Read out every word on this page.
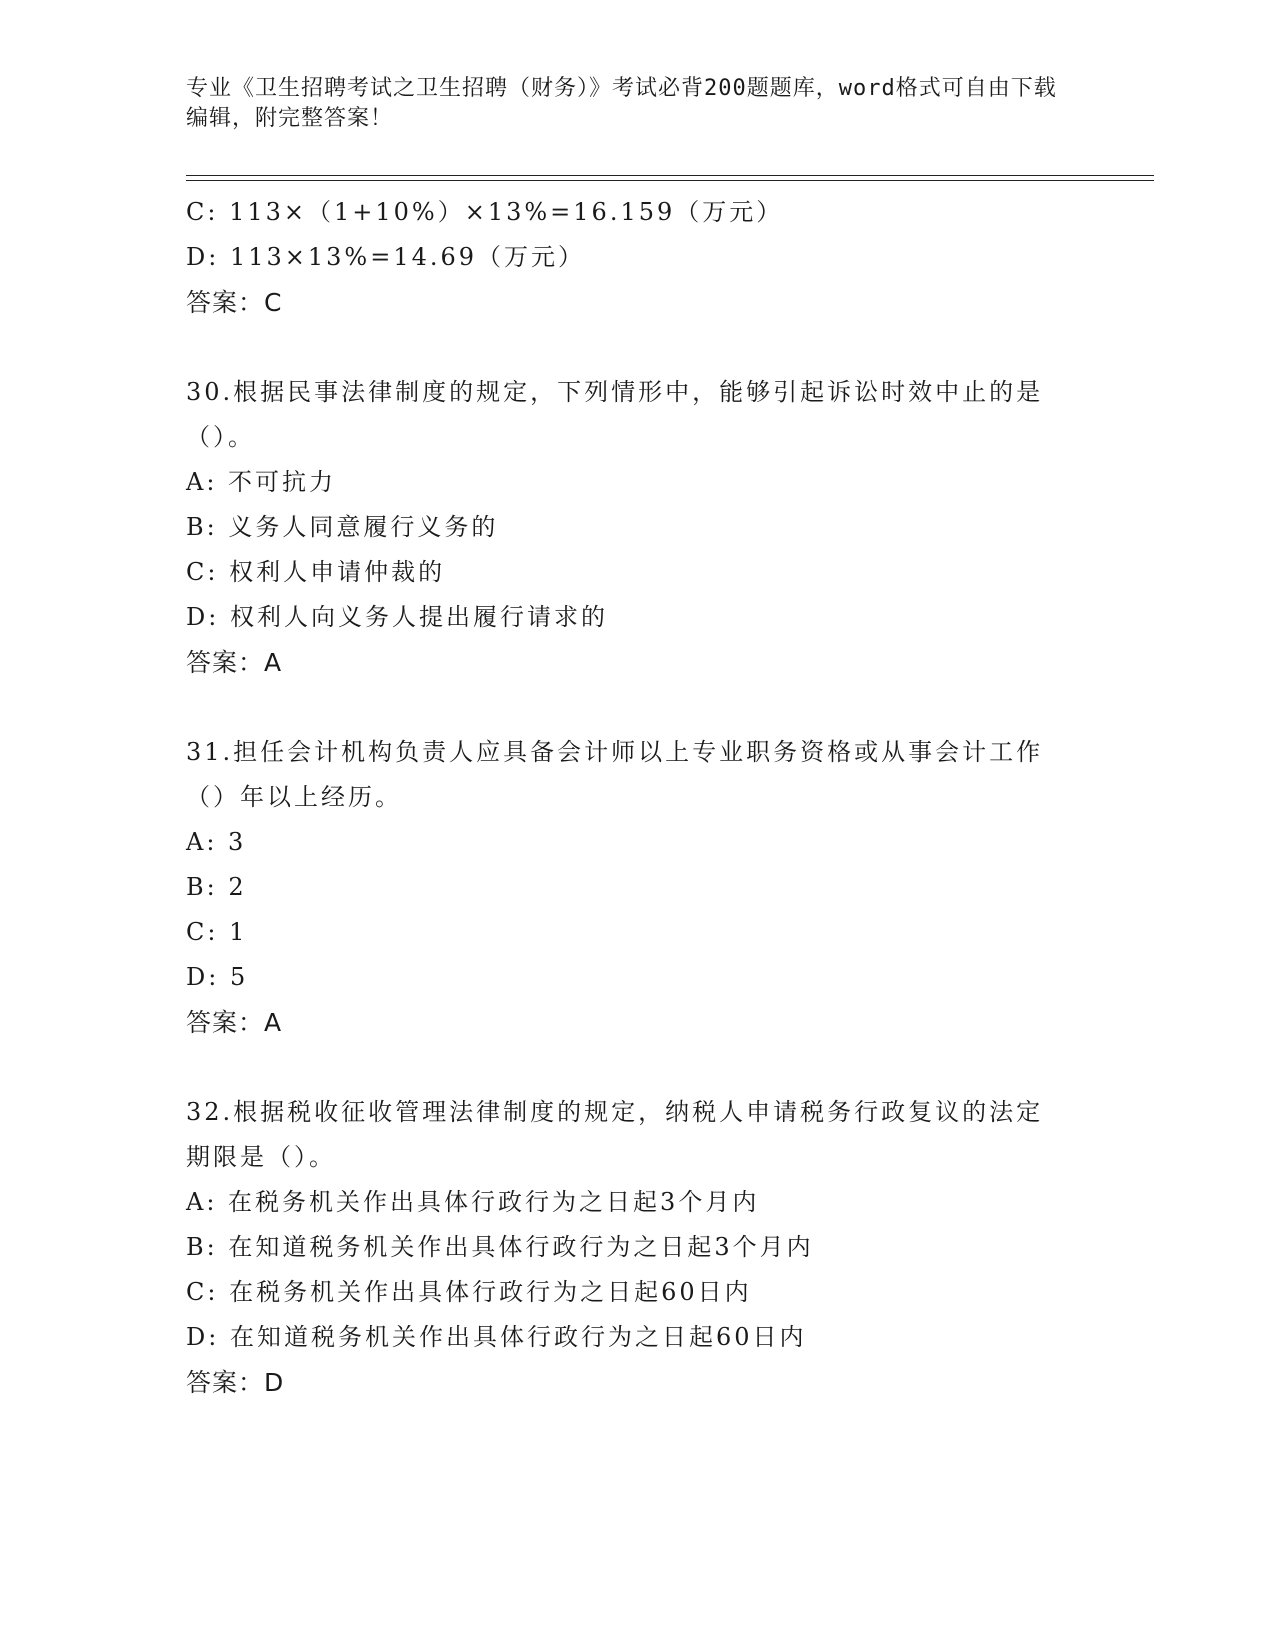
专业《卫生招聘考试之卫生招聘（财务）》考试必背200题题库，word格式可自由下载编辑，附完整答案！
C: 113×（1+10%）×13%=16.159（万元）
D: 113×13%=14.69（万元）
答案：C
30.根据民事法律制度的规定，下列情形中，能够引起诉讼时效中止的是（）。
A: 不可抗力
B: 义务人同意履行义务的
C: 权利人申请仲裁的
D: 权利人向义务人提出履行请求的
答案：A
31.担任会计机构负责人应具备会计师以上专业职务资格或从事会计工作（）年以上经历。
A: 3
B: 2
C: 1
D: 5
答案：A
32.根据税收征收管理法律制度的规定，纳税人申请税务行政复议的法定期限是（）。
A: 在税务机关作出具体行政行为之日起3个月内
B: 在知道税务机关作出具体行政行为之日起3个月内
C: 在税务机关作出具体行政行为之日起60日内
D: 在知道税务机关作出具体行政行为之日起60日内
答案：D
